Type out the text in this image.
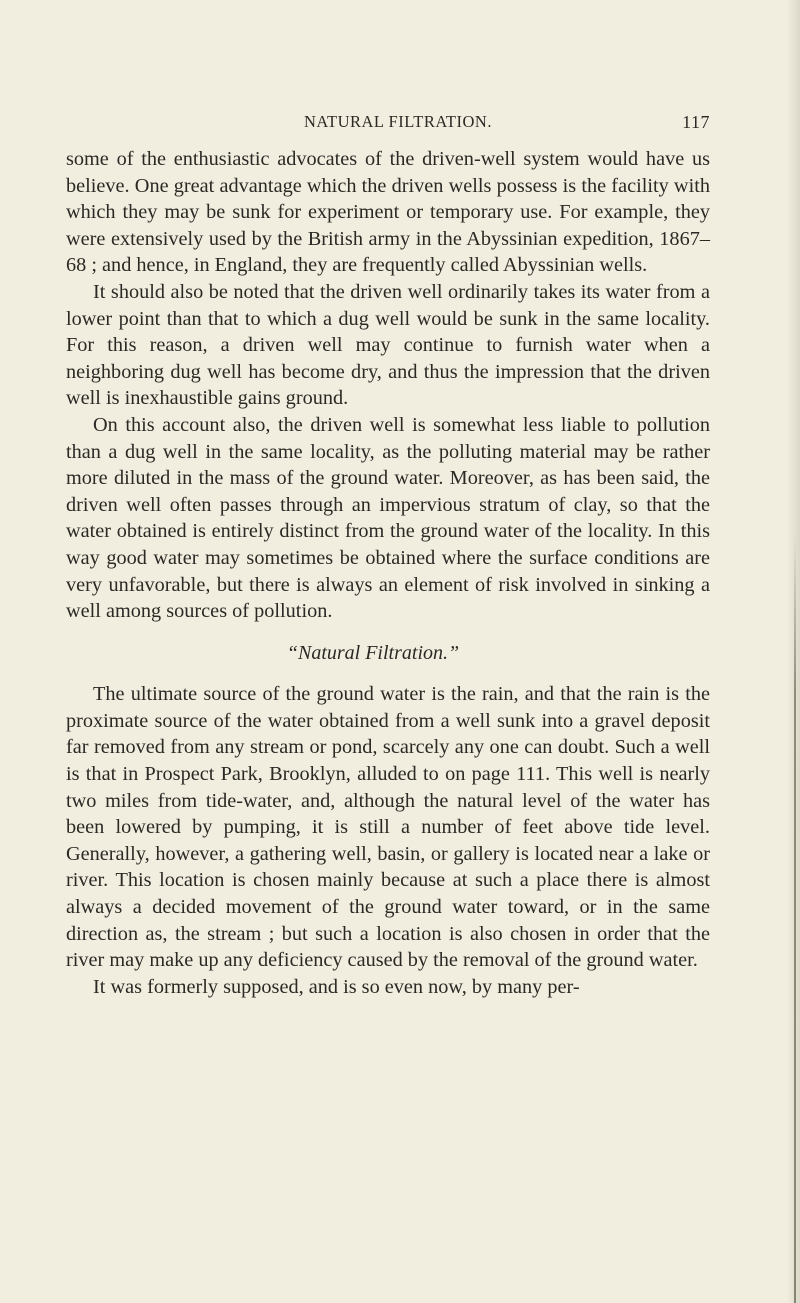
NATURAL FILTRATION.	117

some of the enthusiastic advocates of the driven-well system would have us believe. One great advantage which the driven wells possess is the facility with which they may be sunk for experiment or temporary use. For example, they were extensively used by the British army in the Abyssinian expedition, 1867–68 ; and hence, in England, they are frequently called Abyssinian wells.

It should also be noted that the driven well ordinarily takes its water from a lower point than that to which a dug well would be sunk in the same locality. For this reason, a driven well may continue to furnish water when a neighboring dug well has become dry, and thus the impression that the driven well is inexhaustible gains ground.

On this account also, the driven well is somewhat less liable to pollution than a dug well in the same locality, as the polluting material may be rather more diluted in the mass of the ground water. Moreover, as has been said, the driven well often passes through an impervious stratum of clay, so that the water obtained is entirely distinct from the ground water of the locality. In this way good water may sometimes be obtained where the surface conditions are very unfavorable, but there is always an element of risk involved in sinking a well among sources of pollution.

“Natural Filtration.”

The ultimate source of the ground water is the rain, and that the rain is the proximate source of the water obtained from a well sunk into a gravel deposit far removed from any stream or pond, scarcely any one can doubt. Such a well is that in Prospect Park, Brooklyn, alluded to on page 111. This well is nearly two miles from tide-water, and, although the natural level of the water has been lowered by pumping, it is still a number of feet above tide level. Generally, however, a gathering well, basin, or gallery is located near a lake or river. This location is chosen mainly because at such a place there is almost always a decided movement of the ground water toward, or in the same direction as, the stream ; but such a location is also chosen in order that the river may make up any deficiency caused by the removal of the ground water.

It was formerly supposed, and is so even now, by many per-
